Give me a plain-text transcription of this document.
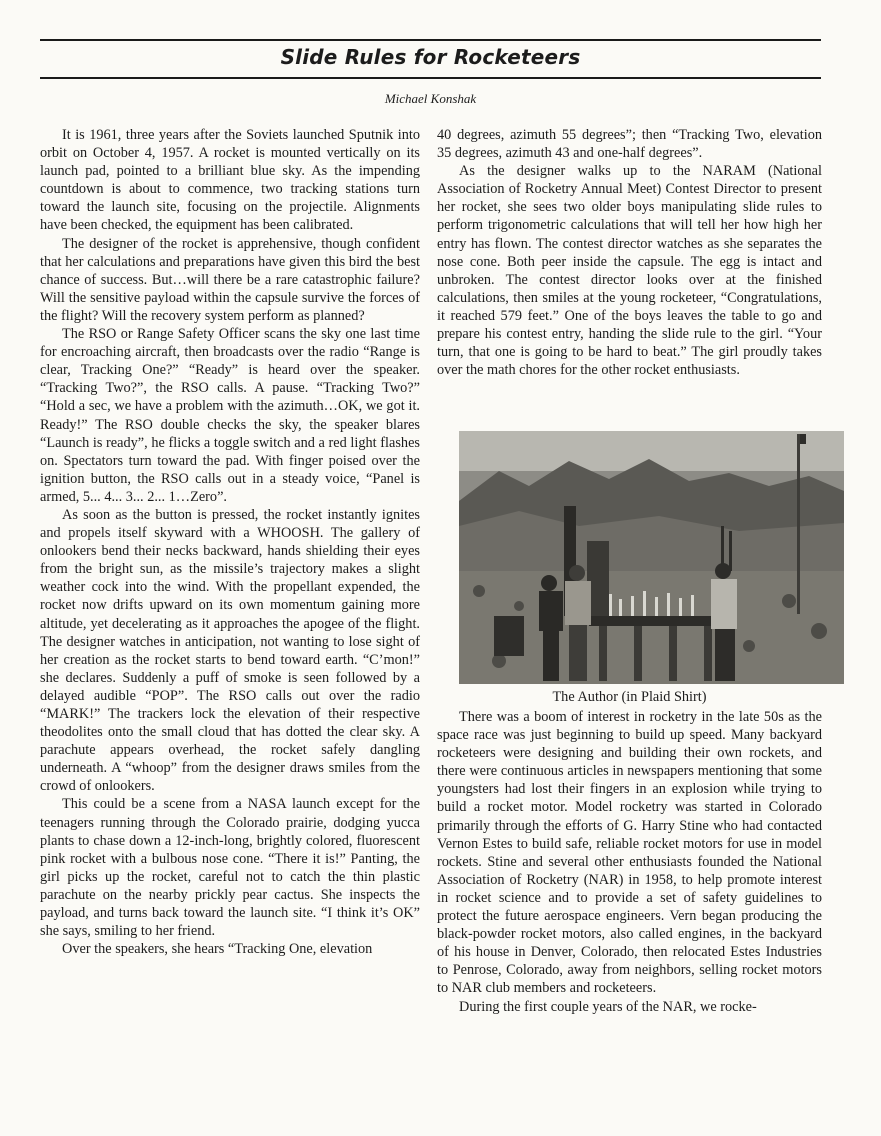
Slide Rules for Rocketeers
Michael Konshak

It is 1961, three years after the Soviets launched Sputnik into orbit on October 4, 1957. A rocket is mounted vertically on its launch pad, pointed to a brilliant blue sky. As the impending countdown is about to commence, two tracking stations turn toward the launch site, focusing on the projectile. Alignments have been checked, the equipment has been calibrated.

The designer of the rocket is apprehensive, though confident that her calculations and preparations have given this bird the best chance of success. But…will there be a rare catastrophic failure? Will the sensitive payload within the capsule survive the forces of the flight? Will the recovery system perform as planned?

The RSO or Range Safety Officer scans the sky one last time for encroaching aircraft, then broadcasts over the radio “Range is clear, Tracking One?” “Ready” is heard over the speaker. “Tracking Two?”, the RSO calls. A pause. “Tracking Two?” “Hold a sec, we have a problem with the azimuth…OK, we got it. Ready!” The RSO double checks the sky, the speaker blares “Launch is ready”, he flicks a toggle switch and a red light flashes on. Spectators turn toward the pad. With finger poised over the ignition button, the RSO calls out in a steady voice, “Panel is armed, 5... 4... 3... 2... 1…Zero”.

As soon as the button is pressed, the rocket instantly ignites and propels itself skyward with a WHOOSH. The gallery of onlookers bend their necks backward, hands shielding their eyes from the bright sun, as the missile’s trajectory makes a slight weather cock into the wind. With the propellant expended, the rocket now drifts upward on its own momentum gaining more altitude, yet decelerating as it approaches the apogee of the flight. The designer watches in anticipation, not wanting to lose sight of her creation as the rocket starts to bend toward earth. “C’mon!” she declares. Suddenly a puff of smoke is seen followed by a delayed audible “POP”. The RSO calls out over the radio “MARK!” The trackers lock the elevation of their respective theodolites onto the small cloud that has dotted the clear sky. A parachute appears overhead, the rocket safely dangling underneath. A “whoop” from the designer draws smiles from the crowd of onlookers.

This could be a scene from a NASA launch except for the teenagers running through the Colorado prairie, dodging yucca plants to chase down a 12-inch-long, brightly colored, fluorescent pink rocket with a bulbous nose cone. “There it is!” Panting, the girl picks up the rocket, careful not to catch the thin plastic parachute on the nearby prickly pear cactus. She inspects the payload, and turns back toward the launch site. “I think it’s OK” she says, smiling to her friend.

Over the speakers, she hears “Tracking One, elevation

40 degrees, azimuth 55 degrees”; then “Tracking Two, elevation 35 degrees, azimuth 43 and one-half degrees”.

As the designer walks up to the NARAM (National Association of Rocketry Annual Meet) Contest Director to present her rocket, she sees two older boys manipulating slide rules to perform trigonometric calculations that will tell her how high her entry has flown. The contest director watches as she separates the nose cone. Both peer inside the capsule. The egg is intact and unbroken. The contest director looks over at the finished calculations, then smiles at the young rocketeer, “Congratulations, it reached 579 feet.” One of the boys leaves the table to go and prepare his contest entry, handing the slide rule to the girl. “Your turn, that one is going to be hard to beat.” The girl proudly takes over the math chores for the other rocket enthusiasts.

The Author (in Plaid Shirt)

There was a boom of interest in rocketry in the late 50s as the space race was just beginning to build up speed. Many backyard rocketeers were designing and building their own rockets, and there were continuous articles in newspapers mentioning that some youngsters had lost their fingers in an explosion while trying to build a rocket motor. Model rocketry was started in Colorado primarily through the efforts of G. Harry Stine who had contacted Vernon Estes to build safe, reliable rocket motors for use in model rockets. Stine and several other enthusiasts founded the National Association of Rocketry (NAR) in 1958, to help promote interest in rocket science and to provide a set of safety guidelines to protect the future aerospace engineers. Vern began producing the black-powder rocket motors, also called engines, in the backyard of his house in Denver, Colorado, then relocated Estes Industries to Penrose, Colorado, away from neighbors, selling rocket motors to NAR club members and rocketeers.

During the first couple years of the NAR, we rocke-
